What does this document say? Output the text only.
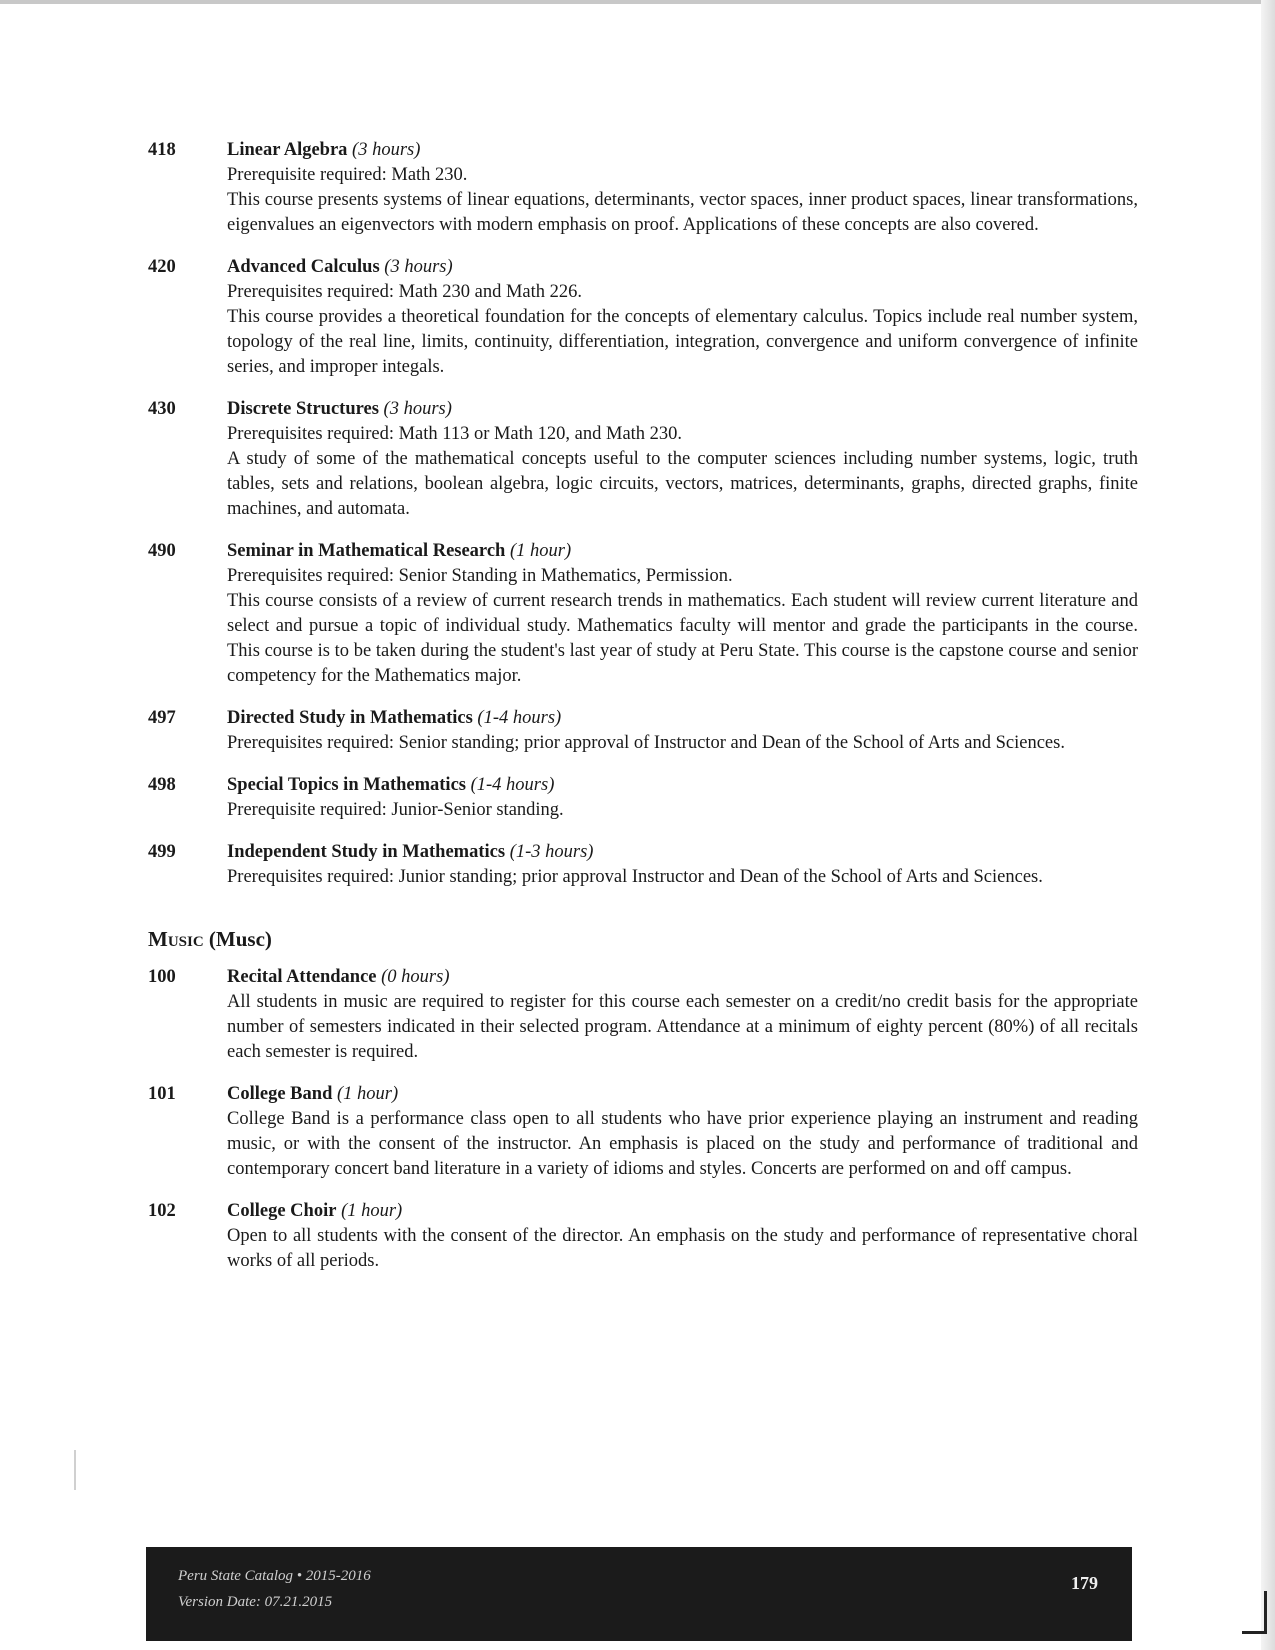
418	Linear Algebra (3 hours)
Prerequisite required: Math 230.
This course presents systems of linear equations, determinants, vector spaces, inner product spaces, linear transformations, eigenvalues an eigenvectors with modern emphasis on proof. Applications of these concepts are also covered.
420	Advanced Calculus (3 hours)
Prerequisites required: Math 230 and Math 226.
This course provides a theoretical foundation for the concepts of elementary calculus. Topics include real number system, topology of the real line, limits, continuity, differentiation, integration, convergence and uniform convergence of infinite series, and improper integals.
430	Discrete Structures (3 hours)
Prerequisites required: Math 113 or Math 120, and Math 230.
A study of some of the mathematical concepts useful to the computer sciences including number systems, logic, truth tables, sets and relations, boolean algebra, logic circuits, vectors, matrices, determinants, graphs, directed graphs, finite machines, and automata.
490	Seminar in Mathematical Research (1 hour)
Prerequisites required: Senior Standing in Mathematics, Permission.
This course consists of a review of current research trends in mathematics. Each student will review current literature and select and pursue a topic of individual study. Mathematics faculty will mentor and grade the participants in the course. This course is to be taken during the student's last year of study at Peru State. This course is the capstone course and senior competency for the Mathematics major.
497	Directed Study in Mathematics (1-4 hours)
Prerequisites required: Senior standing; prior approval of Instructor and Dean of the School of Arts and Sciences.
498	Special Topics in Mathematics (1-4 hours)
Prerequisite required: Junior-Senior standing.
499	Independent Study in Mathematics (1-3 hours)
Prerequisites required: Junior standing; prior approval Instructor and Dean of the School of Arts and Sciences.
Music (Musc)
100	Recital Attendance (0 hours)
All students in music are required to register for this course each semester on a credit/no credit basis for the appropriate number of semesters indicated in their selected program. Attendance at a minimum of eighty percent (80%) of all recitals each semester is required.
101	College Band (1 hour)
College Band is a performance class open to all students who have prior experience playing an instrument and reading music, or with the consent of the instructor. An emphasis is placed on the study and performance of traditional and contemporary concert band literature in a variety of idioms and styles. Concerts are performed on and off campus.
102	College Choir (1 hour)
Open to all students with the consent of the director. An emphasis on the study and performance of representative choral works of all periods.
Peru State Catalog • 2015-2016
Version Date: 07.21.2015
179
